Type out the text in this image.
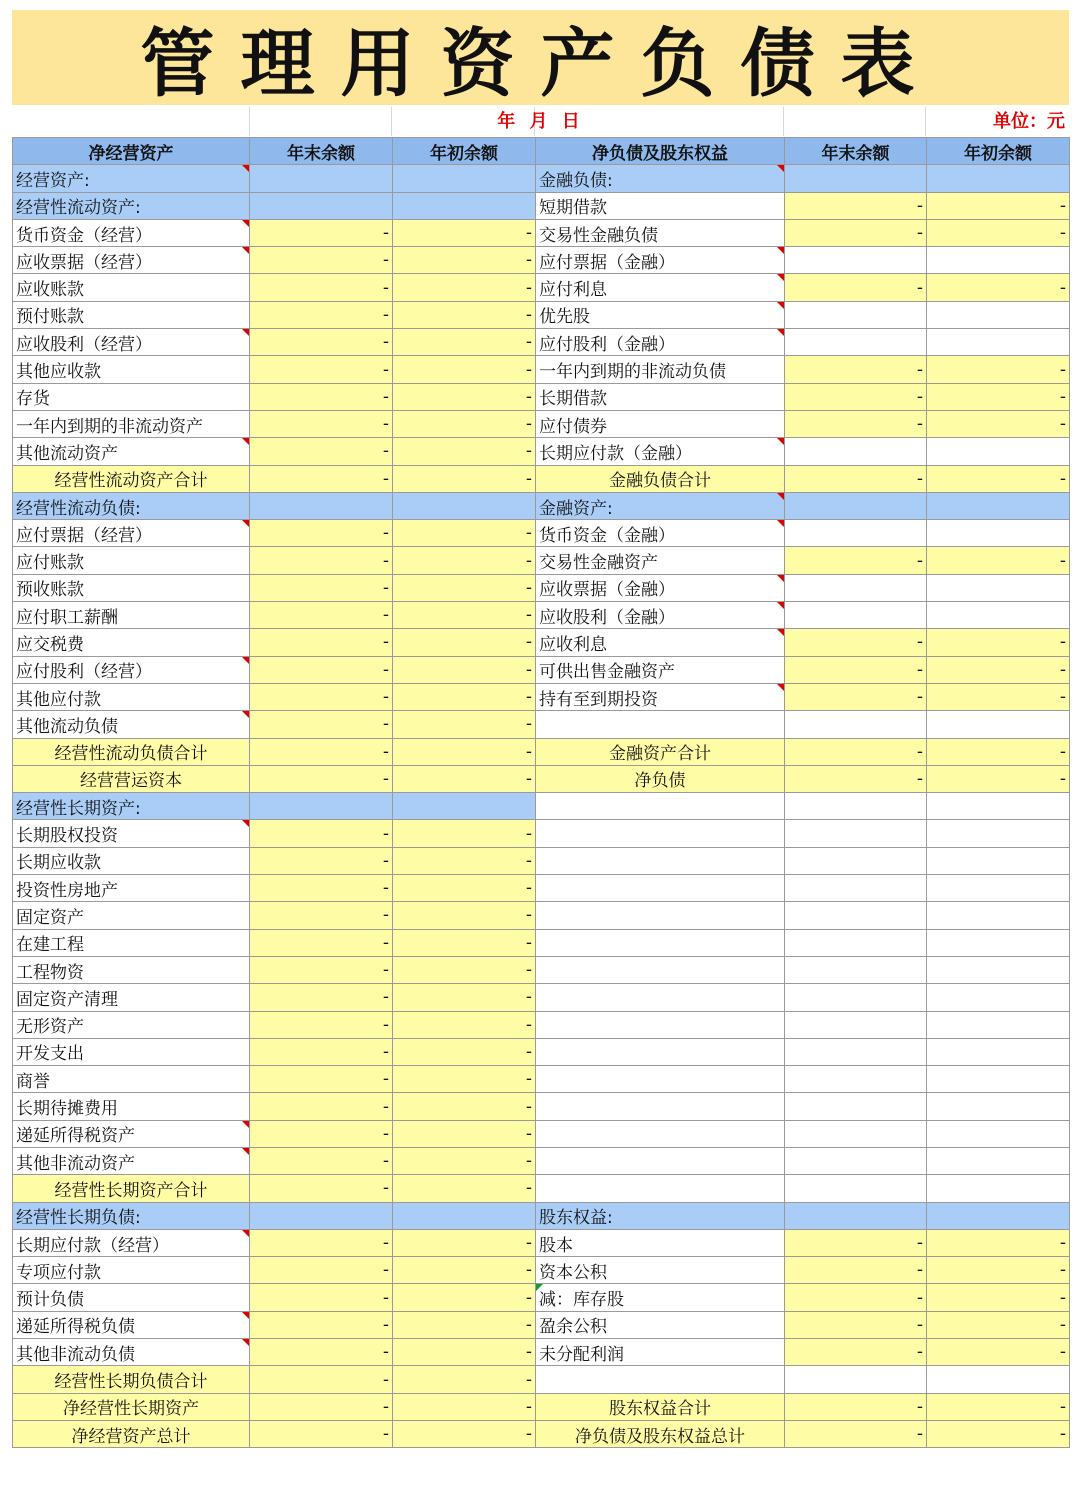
管理用资产负债表
年 月 日	单位：元
净经营资产	年末余额	年初余额	净负债及股东权益	年末余额	年初余额
经营资产:			金融负债:		
经营性流动资产:			短期借款	-	-
货币资金（经营）	-	-	交易性金融负债	-	-
应收票据（经营）	-	-	应付票据（金融）		
应收账款	-	-	应付利息	-	-
预付账款	-	-	优先股		
应收股利（经营）	-	-	应付股利（金融）		
其他应收款	-	-	一年内到期的非流动负债	-	-
存货	-	-	长期借款	-	-
一年内到期的非流动资产	-	-	应付债券	-	-
其他流动资产	-	-	长期应付款（金融）		
经营性流动资产合计	-	-	金融负债合计	-	-
经营性流动负债:			金融资产:		
应付票据（经营）	-	-	货币资金（金融）		
应付账款	-	-	交易性金融资产	-	-
预收账款	-	-	应收票据（金融）		
应付职工薪酬	-	-	应收股利（金融）		
应交税费	-	-	应收利息	-	-
应付股利（经营）	-	-	可供出售金融资产	-	-
其他应付款	-	-	持有至到期投资	-	-
其他流动负债	-	-			
经营性流动负债合计	-	-	金融资产合计	-	-
经营营运资本	-	-	净负债	-	-
经营性长期资产:					
长期股权投资	-	-			
长期应收款	-	-			
投资性房地产	-	-			
固定资产	-	-			
在建工程	-	-			
工程物资	-	-			
固定资产清理	-	-			
无形资产	-	-			
开发支出	-	-			
商誉	-	-			
长期待摊费用	-	-			
递延所得税资产	-	-			
其他非流动资产	-	-			
经营性长期资产合计	-	-			
经营性长期负债:			股东权益:		
长期应付款（经营）	-	-	股本	-	-
专项应付款	-	-	资本公积	-	-
预计负债	-	-	减：库存股	-	-
递延所得税负债	-	-	盈余公积	-	-
其他非流动负债	-	-	未分配利润	-	-
经营性长期负债合计	-	-			
净经营性长期资产	-	-	股东权益合计	-	-
净经营资产总计	-	-	净负债及股东权益总计	-	-
